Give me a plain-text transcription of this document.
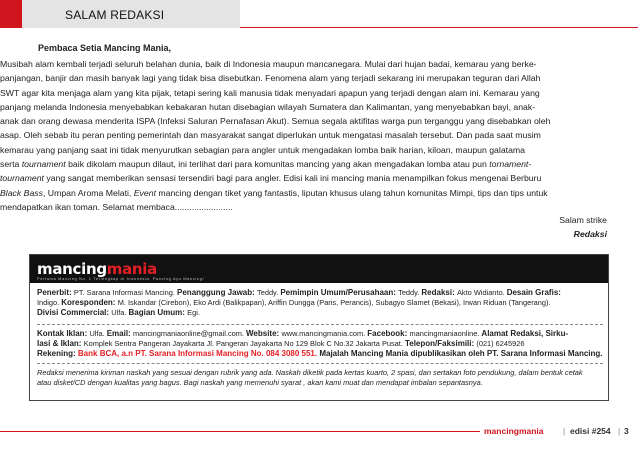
SALAM REDAKSI
Pembaca Setia Mancing Mania,
Musibah alam kembali terjadi seluruh belahan dunia, baik di Indonesia maupun mancanegara. Mulai dari hujan badai, kemarau yang berke-
panjangan, banjir dan masih banyak lagi yang tidak bisa disebutkan. Fenomena alam yang terjadi sekarang ini merupakan teguran dari Allah
SWT agar kita menjaga alam yang kita pijak, tetapi sering kali manusia tidak menyadari apapun yang terjadi dengan alam ini. Kemarau yang
panjang melanda Indonesia menyebabkan kebakaran hutan disebagian wilayah Sumatera dan Kalimantan, yang menyebabkan bayi, anak-
anak dan orang dewasa menderita ISPA (Infeksi Saluran Pernafasan Akut). Semua segala aktifitas warga pun terganggu yang disebabkan oleh
asap. Oleh sebab itu peran penting pemerintah dan masyarakat sangat diperlukan untuk mengatasi masalah tersebut. Dan pada saat musim
kemarau yang panjang saat ini tidak menyurutkan sebagian para angler untuk mengadakan lomba baik harian, kiloan, maupun galatama
serta tournament baik dikolam maupun dilaut, ini terlihat dari para komunitas mancing yang akan mengadakan lomba atau pun tornament-
tournament yang sangat memberikan sensasi tersendiri bagi para angler. Edisi kali ini mancing mania menampilkan fokus mengenai Berburu
Black Bass, Umpan Aroma Melati, Event mancing dengan tiket yang fantastis, liputan khusus ulang tahun komunitas Mimpi, tips dan tips untuk
mendapatkan ikan toman. Selamat membaca........................
Salam strike
Redaksi
mancingmania
Pertama Mancing No. 1 Terlengkap di Indonesia. Pancing Ayo Mancing!
Penerbit: PT. Sarana Informasi Mancing. Penanggung Jawab: Teddy. Pemimpin Umum/Perusahaan: Teddy. Redaksi: Akto Widianto. Desain Grafis:
Indigo. Koresponden: M. Iskandar (Cirebon), Eko Ardi (Balikpapan), Ariffin Dungga (Paris, Perancis), Subagyo Slamet (Bekasi), Irwan Riduan (Tangerang).
Divisi Commercial: Ulfa. Bagian Umum: Egi.
Kontak Iklan: Ulfa. Email: mancingmaniaonline@gmail.com. Website: www.mancingmania.com. Facebook: mancingmaniaonline. Alamat Redaksi, Sirku-
lasi & Iklan: Komplek Sentra Pangeran Jayakarta Jl. Pangeran Jayakarta No 129 Blok C No.32 Jakarta Pusat. Telepon/Faksimili: (021) 6245926
Rekening: Bank BCA, a.n PT. Sarana Informasi Mancing No. 084 3080 551. Majalah Mancing Mania dipublikasikan oleh PT. Sarana Informasi Mancing.
Redaksi menerima kiriman naskah yang sesuai dengan rubrik yang ada. Naskah diketik pada kertas kuarto, 2 spasi, dan sertakan foto pendukung, dalam bentuk cetak
atau disket/CD dengan kualitas yang bagus. Bagi naskah yang memenuhi syarat , akan kami muat dan mendapat imbalan sepantasnya.
mancingmania | edisi #254 | 3
